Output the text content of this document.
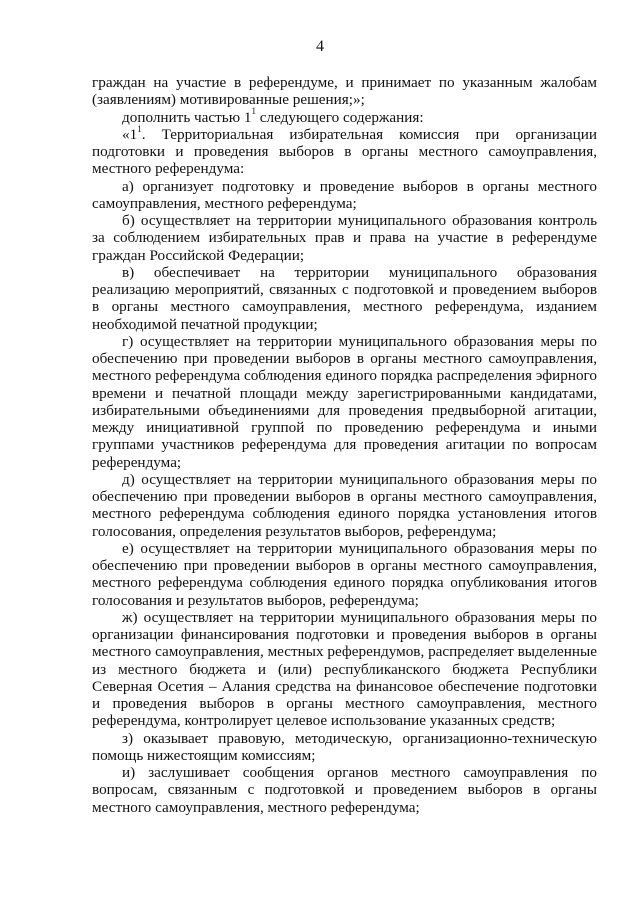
4

граждан на участие в референдуме, и принимает по указанным жалобам (заявлениям) мотивированные решения;»;

дополнить частью $1^1$ следующего содержания:

«$1^1$. Территориальная избирательная комиссия при организации подготовки и проведения выборов в органы местного самоуправления, местного референдума:

а) организует подготовку и проведение выборов в органы местного самоуправления, местного референдума;

б) осуществляет на территории муниципального образования контроль за соблюдением избирательных прав и права на участие в референдуме граждан Российской Федерации;

в) обеспечивает на территории муниципального образования реализацию мероприятий, связанных с подготовкой и проведением выборов в органы местного самоуправления, местного референдума, изданием необходимой печатной продукции;

г) осуществляет на территории муниципального образования меры по обеспечению при проведении выборов в органы местного самоуправления, местного референдума соблюдения единого порядка распределения эфирного времени и печатной площади между зарегистрированными кандидатами, избирательными объединениями для проведения предвыборной агитации, между инициативной группой по проведению референдума и иными группами участников референдума для проведения агитации по вопросам референдума;

д) осуществляет на территории муниципального образования меры по обеспечению при проведении выборов в органы местного самоуправления, местного референдума соблюдения единого порядка установления итогов голосования, определения результатов выборов, референдума;

е) осуществляет на территории муниципального образования меры по обеспечению при проведении выборов в органы местного самоуправления, местного референдума соблюдения единого порядка опубликования итогов голосования и результатов выборов, референдума;

ж) осуществляет на территории муниципального образования меры по организации финансирования подготовки и проведения выборов в органы местного самоуправления, местных референдумов, распределяет выделенные из местного бюджета и (или) республиканского бюджета Республики Северная Осетия – Алания средства на финансовое обеспечение подготовки и проведения выборов в органы местного самоуправления, местного референдума, контролирует целевое использование указанных средств;

з) оказывает правовую, методическую, организационно-техническую помощь нижестоящим комиссиям;

и) заслушивает сообщения органов местного самоуправления по вопросам, связанным с подготовкой и проведением выборов в органы местного самоуправления, местного референдума;
